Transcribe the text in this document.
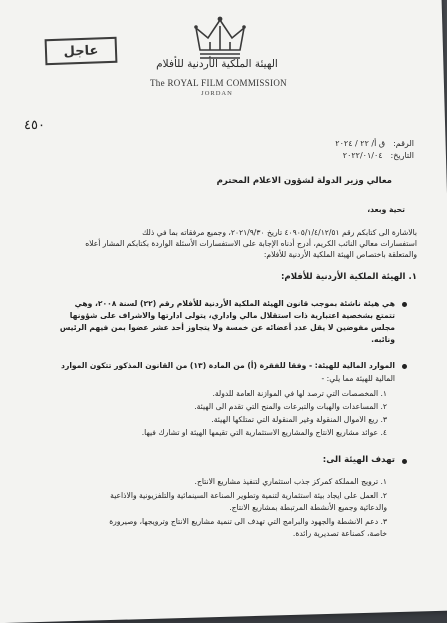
عاجل
٤٥٠
الهيئة الملكية الأردنية للأفلام
The ROYAL FILM COMMISSION
JORDAN
الرقم:ق أ/ ٢٢ / ٢٠٢٤
التاريخ:٢٠٢٢/٠١/٠٤
معالي وزير الدولة لشؤون الاعلام المحترم
تحية وبعد،
بالاشارة الى كتابكم رقم ٤٠٩٠٥/١/٤/١٢/٥١ تاريخ ٢٠٢١/٩/٣٠، وجميع مرفقاته بما في ذلك
استفسارات معالي النائب الكريم، أدرج أدناه الإجابة على الاستفسارات الأسئلة الواردة بكتابكم المشار أعلاه
والمتعلقة باختصاص الهيئة الملكية الأردنية للأفلام:
١. الهيئة الملكية الأردنية للأفلام:
هي هيئة ناشئة بموجب قانون الهيئة الملكية الأردنية للأفلام رقم (٢٢) لسنة ٢٠٠٨، وهي
تتمتع بشخصية اعتبارية ذات استقلال مالي واداري، يتولى ادارتها والاشراف على شؤونها
مجلس مفوضين لا يقل عدد أعضائه عن خمسة ولا يتجاوز أحد عشر عضوا بمن فيهم الرئيس
ونائبه.
الموارد المالية للهيئة: - وفقا للفقرة (أ) من المادة (١٣) من القانون المذكور تتكون الموارد
المالية للهيئة مما يلي: -
١. المخصصات التي ترصد لها في الموازنة العامة للدولة.
٢. المساعدات والهبات والتبرعات والمنح التي تقدم الى الهيئة.
٣. ريع الاموال المنقولة وغير المنقولة التي تمتلكها الهيئة.
٤. عوائد مشاريع الانتاج والمشاريع الاستثمارية التي تقيمها الهيئة او تشارك فيها.
تهدف الهيئة الى:
١. ترويج المملكة كمركز جذب استثماري لتنفيذ مشاريع الانتاج.
٢. العمل على ايجاد بيئة استثمارية لتنمية وتطوير الصناعة السينمائية والتلفزيونية والاذاعية
والدعائية وجميع الأنشطة المرتبطة بمشاريع الانتاج.
٣. دعم الانشطة والجهود والبرامج التي تهدف الى تنمية مشاريع الانتاج وترويجها، وصيرورة
خاصة، كصناعة تصديرية رائدة.
